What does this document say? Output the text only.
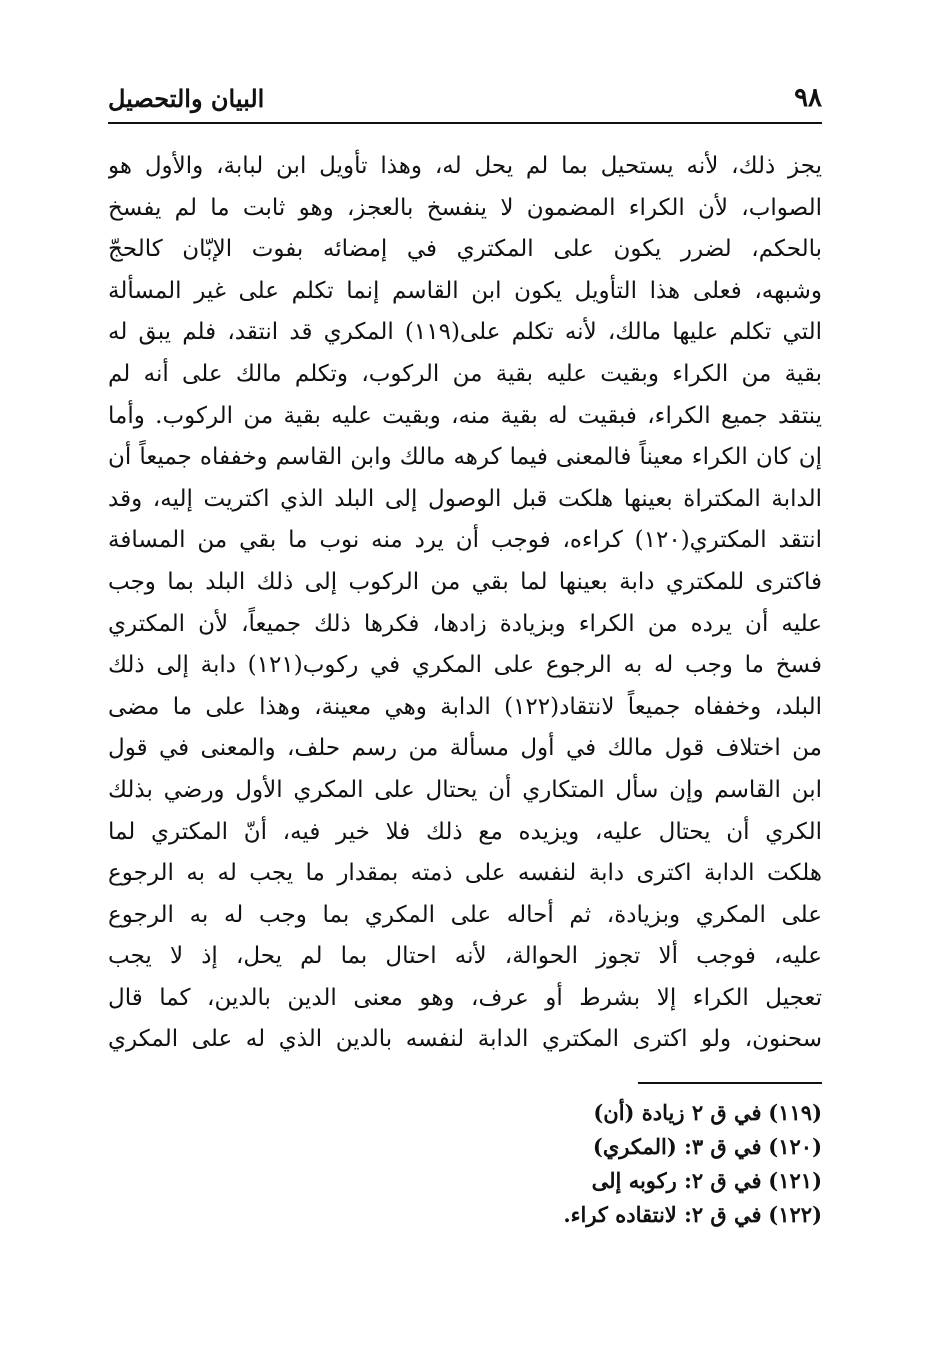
٩٨
البيان والتحصيل
يجز ذلك، لأنه يستحيل بما لم يحل له، وهذا تأويل ابن لبابة، والأول هو
الصواب، لأن الكراء المضمون لا ينفسخ بالعجز، وهو ثابت ما لم يفسخ
بالحكم، لضرر يكون على المكتري في إمضائه بفوت الإبّان كالحجّ
وشبهه، فعلى هذا التأويل يكون ابن القاسم إنما تكلم على غير المسألة
التي تكلم عليها مالك، لأنه تكلم على(١١٩) المكري قد انتقد، فلم يبق له
بقية من الكراء وبقيت عليه بقية من الركوب، وتكلم مالك على أنه لم
ينتقد جميع الكراء، فبقيت له بقية منه، وبقيت عليه بقية من الركوب. وأما
إن كان الكراء معيناً فالمعنى فيما كرهه مالك وابن القاسم وخففاه جميعاً أن
الدابة المكتراة بعينها هلكت قبل الوصول إلى البلد الذي اكتريت إليه، وقد
انتقد المكتري(١٢٠) كراءه، فوجب أن يرد منه نوب ما بقي من المسافة
فاكترى للمكتري دابة بعينها لما بقي من الركوب إلى ذلك البلد بما وجب
عليه أن يرده من الكراء وبزيادة زادها، فكرها ذلك جميعاً، لأن المكتري
فسخ ما وجب له به الرجوع على المكري في ركوب(١٢١) دابة إلى ذلك
البلد، وخففاه جميعاً لانتقاد(١٢٢) الدابة وهي معينة، وهذا على ما مضى
من اختلاف قول مالك في أول مسألة من رسم حلف، والمعنى في قول
ابن القاسم وإن سأل المتكاري أن يحتال على المكري الأول ورضي بذلك
الكري أن يحتال عليه، ويزيده مع ذلك فلا خير فيه، أنّ المكتري لما
هلكت الدابة اكترى دابة لنفسه على ذمته بمقدار ما يجب له به الرجوع
على المكري وبزيادة، ثم أحاله على المكري بما وجب له به الرجوع
عليه، فوجب ألا تجوز الحوالة، لأنه احتال بما لم يحل، إذ لا يجب
تعجيل الكراء إلا بشرط أو عرف، وهو معنى الدين بالدين، كما قال
سحنون، ولو اكترى المكتري الدابة لنفسه بالدين الذي له على المكري
(١١٩) في ق ٢ زيادة (أن)
(١٢٠) في ق ٣: (المكري)
(١٢١) في ق ٢: ركوبه إلى
(١٢٢) في ق ٢: لانتقاده كراء.
